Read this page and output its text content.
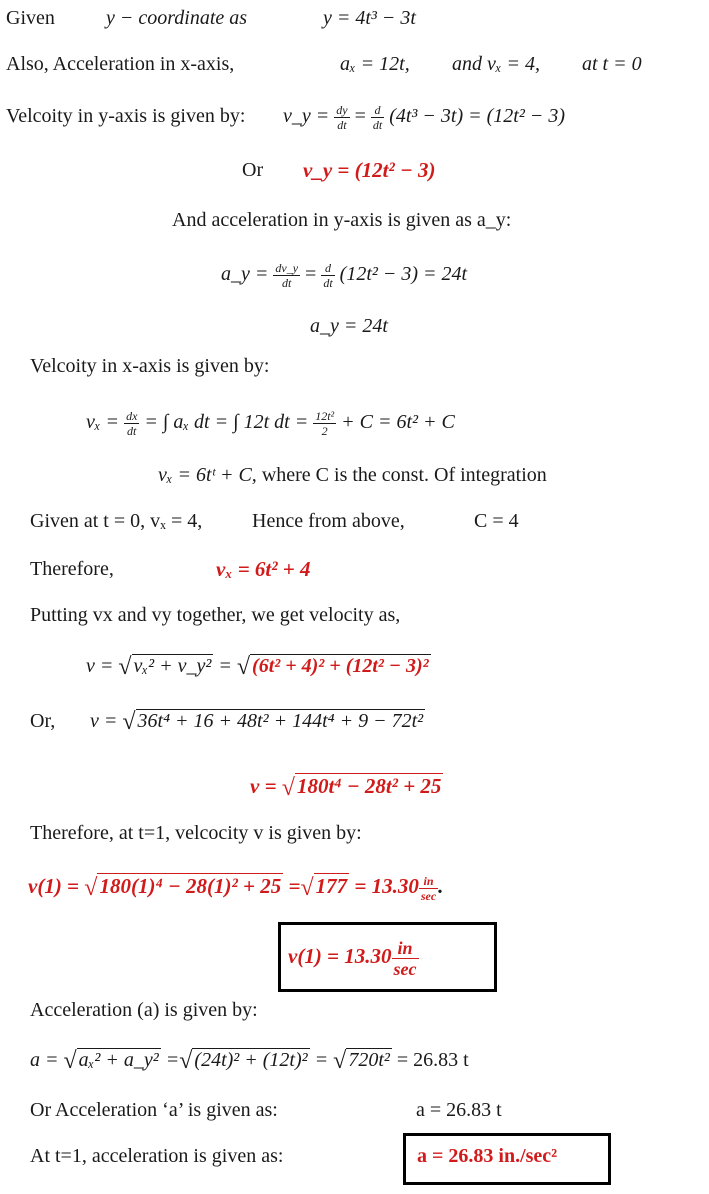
Given	y − coordinate as	y = 4t³ − 3t
Also, Acceleration in x-axis,	aₓ = 12t, and vₓ = 4, at t = 0
Velcoity in y-axis is given by: v_y = $\frac{dy}{dt} = \frac{d}{dt} (4t^3 - 3t) = (12t^2 - 3)$
Or v_y = (12t² − 3)
And acceleration in y-axis is given as a_y:
a_y = $\frac{dv\_y}{dt} = \frac{d}{dt} (12t^2 - 3) = 24t$
a_y = 24t
Velcoity in x-axis is given by:
$v_x = \frac{dx}{dt}$ = ∫ aₓ dt = ∫ 12t dt = $\frac{\text{12t²}}{2} + C = 6t^2 + C$
vₓ = 6tᵗ + C, where C is the const. Of integration
Given at t = 0, vₓ = 4, Hence from above,	C = 4
Therefore,	vₓ = 6t² + 4
Putting vx and vy together, we get velocity as,
v = √ vₓ² + v_y² = √ (6t² + 4)² + (12t² − 3)²
Or, v = √ 36t⁴ + 16 + 48t² + 144t⁴ + 9 − 72t²
v = √180t⁴ − 28t² + 25
Therefore, at t=1, velcocity v is given by:
$v(1) = √180(1)^4 - 28(1)^2 + 25 =√177 = 13.30 \frac{in}{\sec}$ .
$v(1) = 13.30 \frac{in}{\sec}$
Acceleration (a) is given by:
a = √ aₓ² + a_y² =√ (24t)² + (12t)² = √ 720t² = 26.83 t
Or Acceleration ‘a’ is given as:	a = 26.83 t
At t=1, acceleration is given as:	a = 26.83 in./sec²
